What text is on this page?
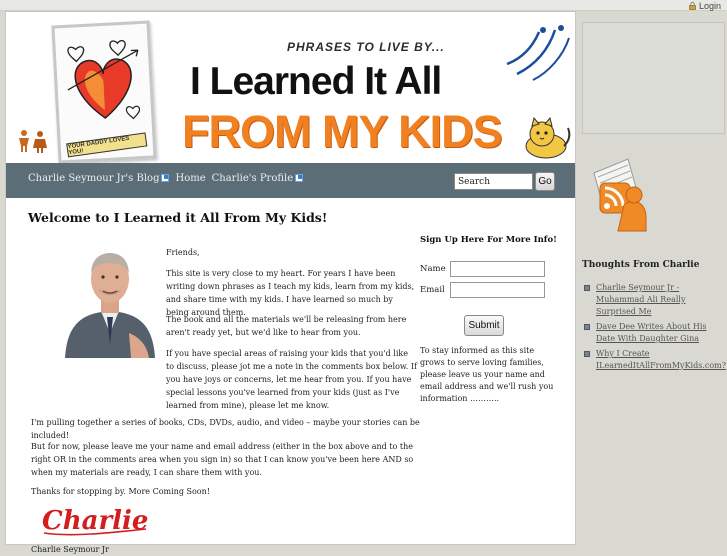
Login
YOUR DADDY LOVES YOU!
PHRASES TO LIVE BY...
I Learned It All
FROM MY KIDS
Charlie Seymour Jr's Blog	Home Charlie's Profile
Search	Go
Welcome to I Learned it All From My Kids!
Friends,
This site is very close to my heart. For years I have been writing down phrases as I teach my kids, learn from my kids, and share time with my kids. I have learned so much by being around them.
The book and all the materials we'll be releasing from here aren't ready yet, but we'd like to hear from you.
If you have special areas of raising your kids that you'd like to discuss, please jot me a note in the comments box below. If you have joys or concerns, let me hear from you. If you have special lessons you've learned from your kids (just as I've learned from mine), please let me know.
I'm pulling together a series of books, CDs, DVDs, audio, and video – maybe your stories can be included!
But for now, please leave me your name and email address (either in the box above and to the right OR in the comments area when you sign in) so that I can know you've been here AND so when my materials are ready, I can share them with you.
Thanks for stopping by. More Coming Soon!
Charlie
Charlie Seymour Jr
Sign Up Here For More Info!
Name
Email
Submit
To stay informed as this site grows to serve loving families, please leave us your name and email address and we'll rush you information ………..
Thoughts From Charlie
Charlie Seymour Jr - Muhammad Ali Really Surprised Me
Dave Dee Writes About His Date With Daughter Gina
Why I Create ILearnedItAllFromMyKids.com?
